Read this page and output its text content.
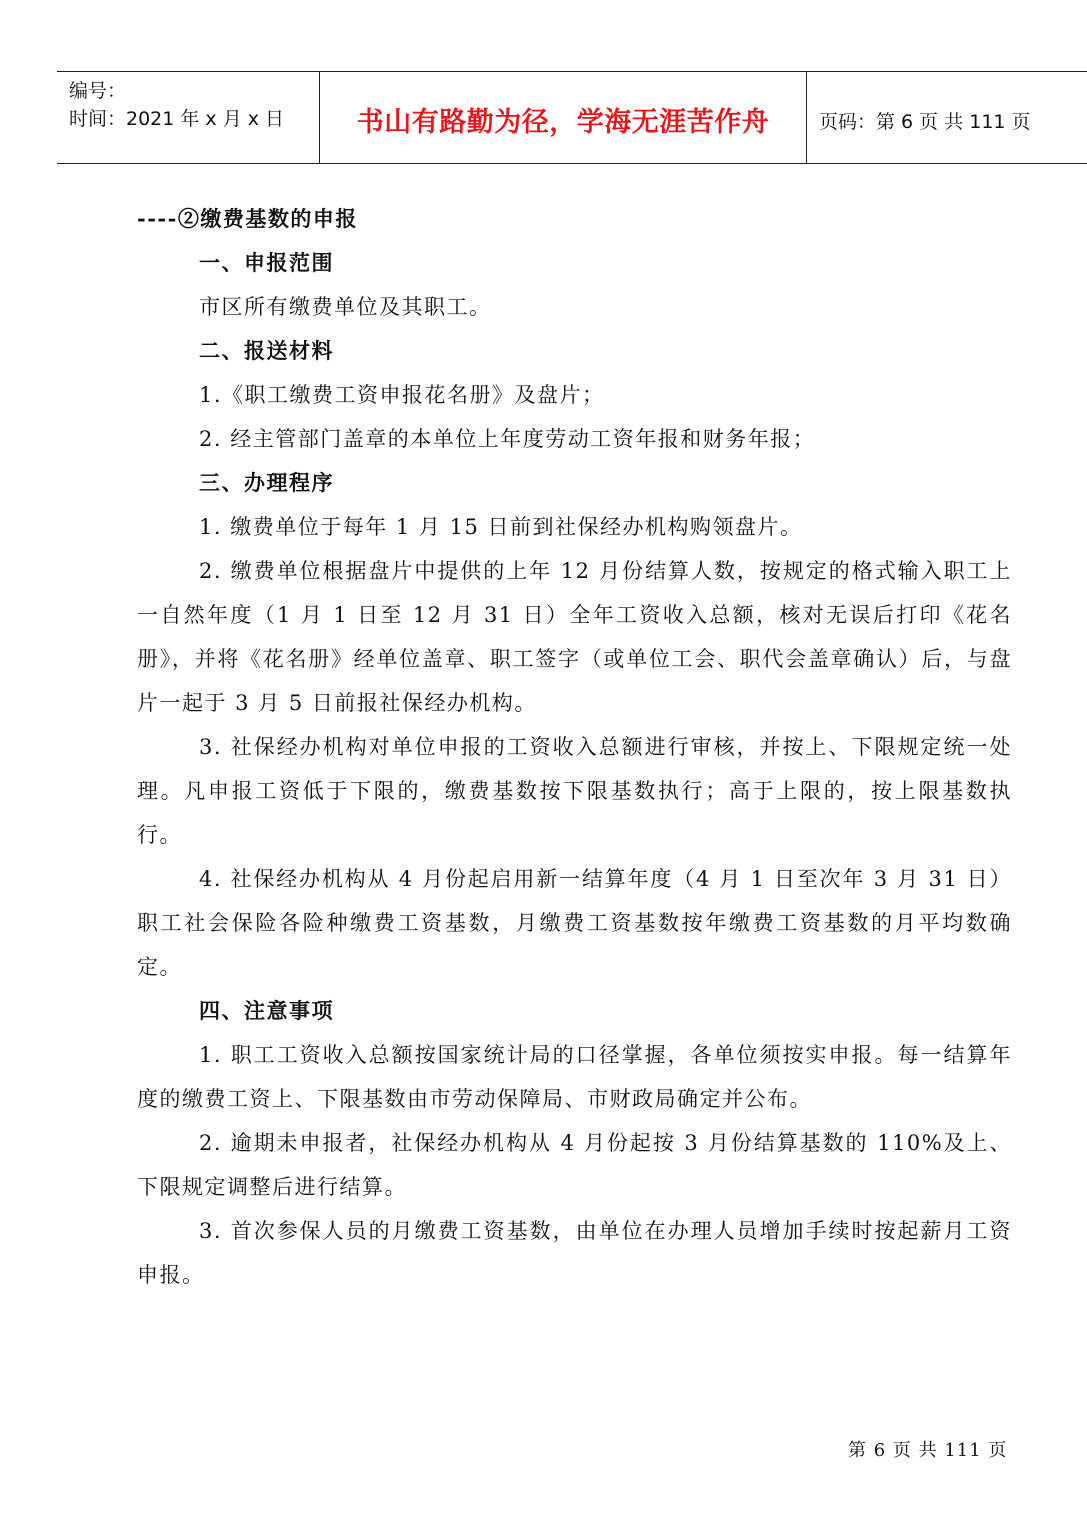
编号：
时间：2021 年 x 月 x 日	书山有路勤为径，学海无涯苦作舟	页码：第 6 页 共 111 页
----②缴费基数的申报
一、申报范围

市区所有缴费单位及其职工。

二、报送材料

1.《职工缴费工资申报花名册》及盘片；

2. 经主管部门盖章的本单位上年度劳动工资年报和财务年报；

三、办理程序

1. 缴费单位于每年 1 月 15 日前到社保经办机构购领盘片。

2. 缴费单位根据盘片中提供的上年 12 月份结算人数，按规定的格式输入职工上一自然年度（1 月 1 日至 12 月 31 日）全年工资收入总额，核对无误后打印《花名册》，并将《花名册》经单位盖章、职工签字（或单位工会、职代会盖章确认）后，与盘片一起于 3 月 5 日前报社保经办机构。

3. 社保经办机构对单位申报的工资收入总额进行审核，并按上、下限规定统一处理。凡申报工资低于下限的，缴费基数按下限基数执行；高于上限的，按上限基数执行。

4. 社保经办机构从 4 月份起启用新一结算年度（4 月 1 日至次年 3 月 31 日）职工社会保险各险种缴费工资基数，月缴费工资基数按年缴费工资基数的月平均数确定。

四、注意事项

1. 职工工资收入总额按国家统计局的口径掌握，各单位须按实申报。每一结算年度的缴费工资上、下限基数由市劳动保障局、市财政局确定并公布。

2. 逾期未申报者，社保经办机构从 4 月份起按 3 月份结算基数的 110%及上、下限规定调整后进行结算。

3. 首次参保人员的月缴费工资基数，由单位在办理人员增加手续时按起薪月工资申报。

第 6 页 共 111 页
